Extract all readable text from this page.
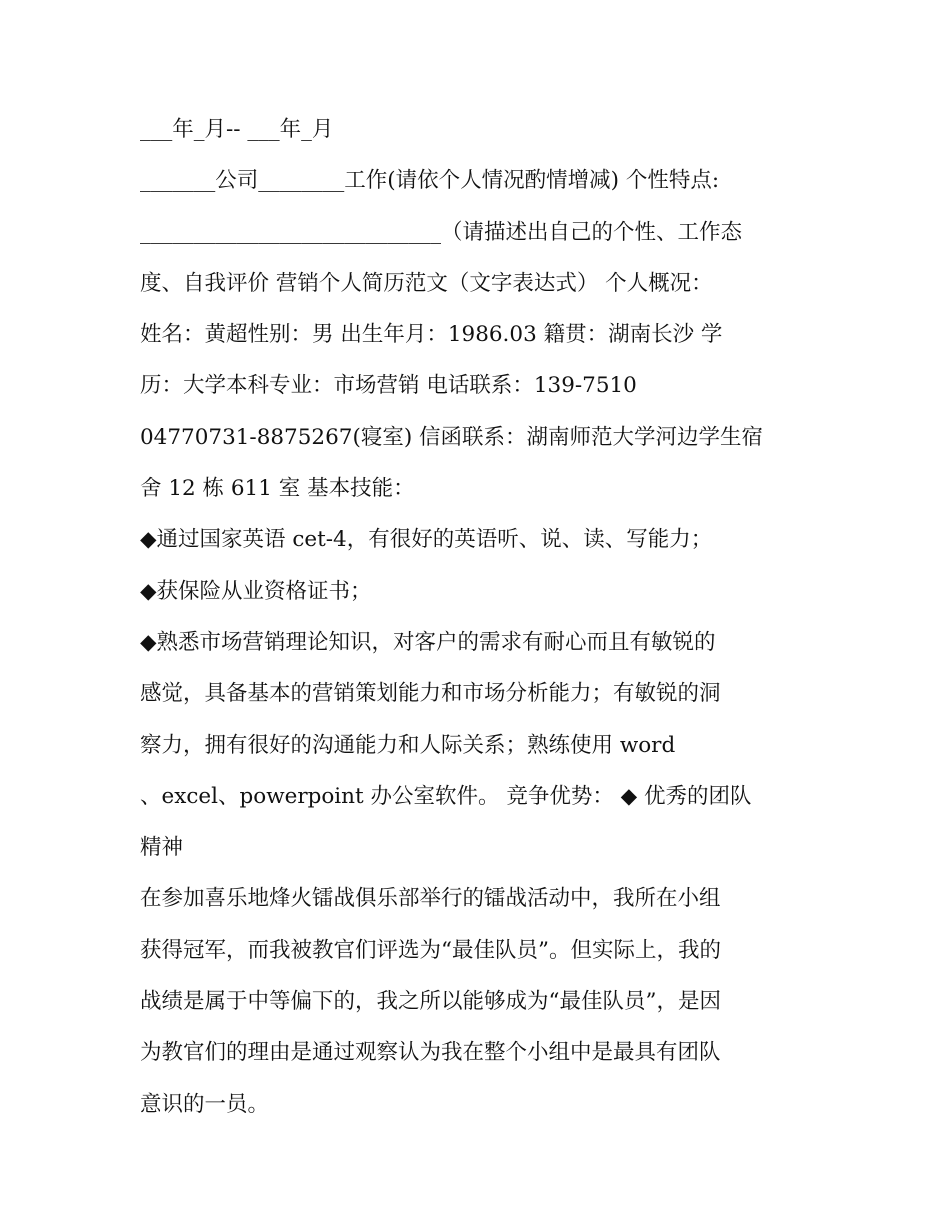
___年_月-- ___年_月
_______公司________工作(请依个人情况酌情增减) 个性特点:
____________________________（请描述出自己的个性、工作态
度、自我评价 营销个人简历范文（文字表达式） 个人概况：
姓名：黄超性别：男 出生年月：1986.03 籍贯：湖南长沙 学
历：大学本科专业：市场营销 电话联系：139-7510
04770731-8875267(寝室) 信函联系：湖南师范大学河边学生宿
舍 12 栋 611 室 基本技能：
◆通过国家英语 cet-4，有很好的英语听、说、读、写能力；
◆获保险从业资格证书；
◆熟悉市场营销理论知识，对客户的需求有耐心而且有敏锐的
感觉，具备基本的营销策划能力和市场分析能力；有敏锐的洞
察力，拥有很好的沟通能力和人际关系；熟练使用 word
、excel、powerpoint 办公室软件。 竞争优势： ◆ 优秀的团队
精神
在参加喜乐地烽火镭战俱乐部举行的镭战活动中，我所在小组
获得冠军，而我被教官们评选为“最佳队员”。但实际上，我的
战绩是属于中等偏下的，我之所以能够成为“最佳队员”，是因
为教官们的理由是通过观察认为我在整个小组中是最具有团队
意识的一员。
